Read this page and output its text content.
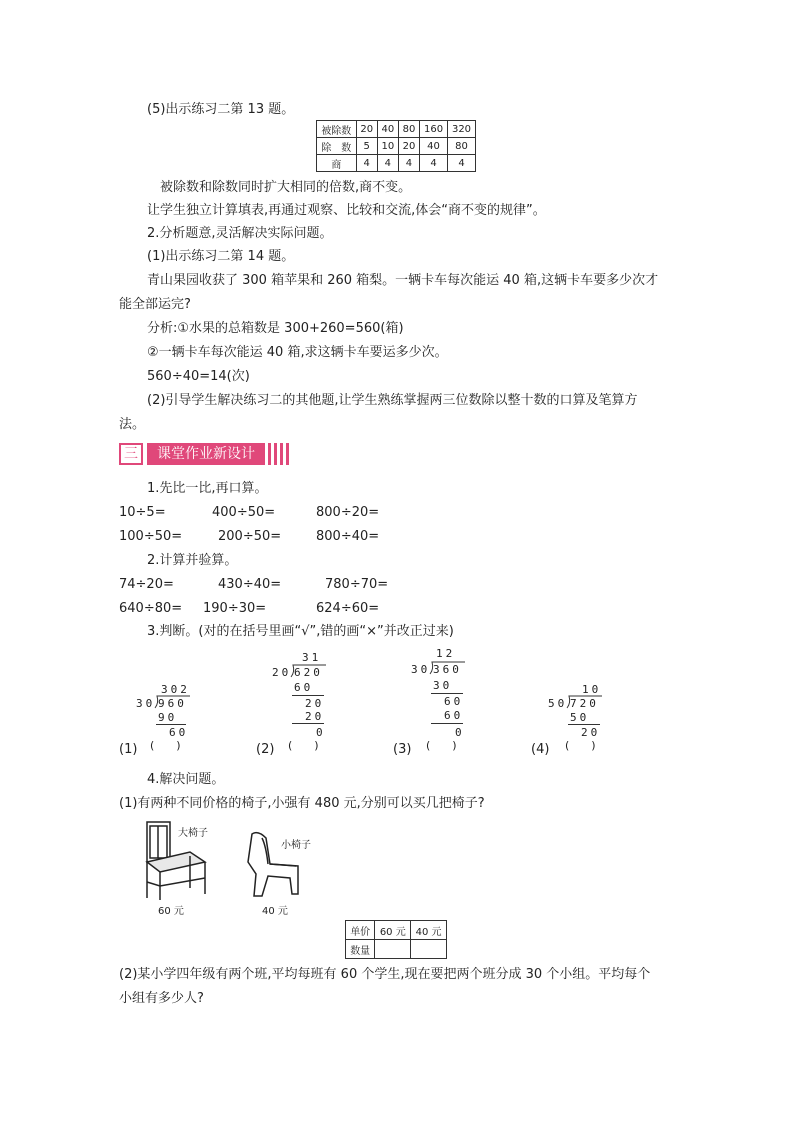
(5)出示练习二第 13 题。
被除数	20	40	80	160	320
除　数	5	10	20	40	80
商	4	4	4	4	4
被除数和除数同时扩大相同的倍数,商不变。
让学生独立计算填表,再通过观察、比较和交流,体会“商不变的规律”。
2.分析题意,灵活解决实际问题。
(1)出示练习二第 14 题。
青山果园收获了 300 箱苹果和 260 箱梨。一辆卡车每次能运 40 箱,这辆卡车要多少次才
能全部运完?
分析:①水果的总箱数是 300+260=560(箱)
②一辆卡车每次能运 40 箱,求这辆卡车要运多少次。
560÷40=14(次)
(2)引导学生解决练习二的其他题,让学生熟练掌握两三位数除以整十数的口算及笔算方
法。
三	课堂作业新设计
1.先比一比,再口算。
10÷5=	400÷50=	800÷20=
100÷50=	200÷50=	800÷40=
2.计算并验算。
74÷20=	430÷40=	780÷70=
640÷80= 190÷30=	624÷60=
3.判断。(对的在括号里画“√”,错的画“×”并改正过来)
302
30 960
90
60
(1) (　　)
31
20 620
60
20
20
0
(2) (　　)
12
30 360
30
60
60
0
(3) (　　)
10
50 720
50
20
(4) (　　)
4.解决问题。
(1)有两种不同价格的椅子,小强有 480 元,分别可以买几把椅子?
大椅子
60 元
小椅子
40 元
单价	60 元	40 元
数量		
(2)某小学四年级有两个班,平均每班有 60 个学生,现在要把两个班分成 30 个小组。平均每个
小组有多少人?
